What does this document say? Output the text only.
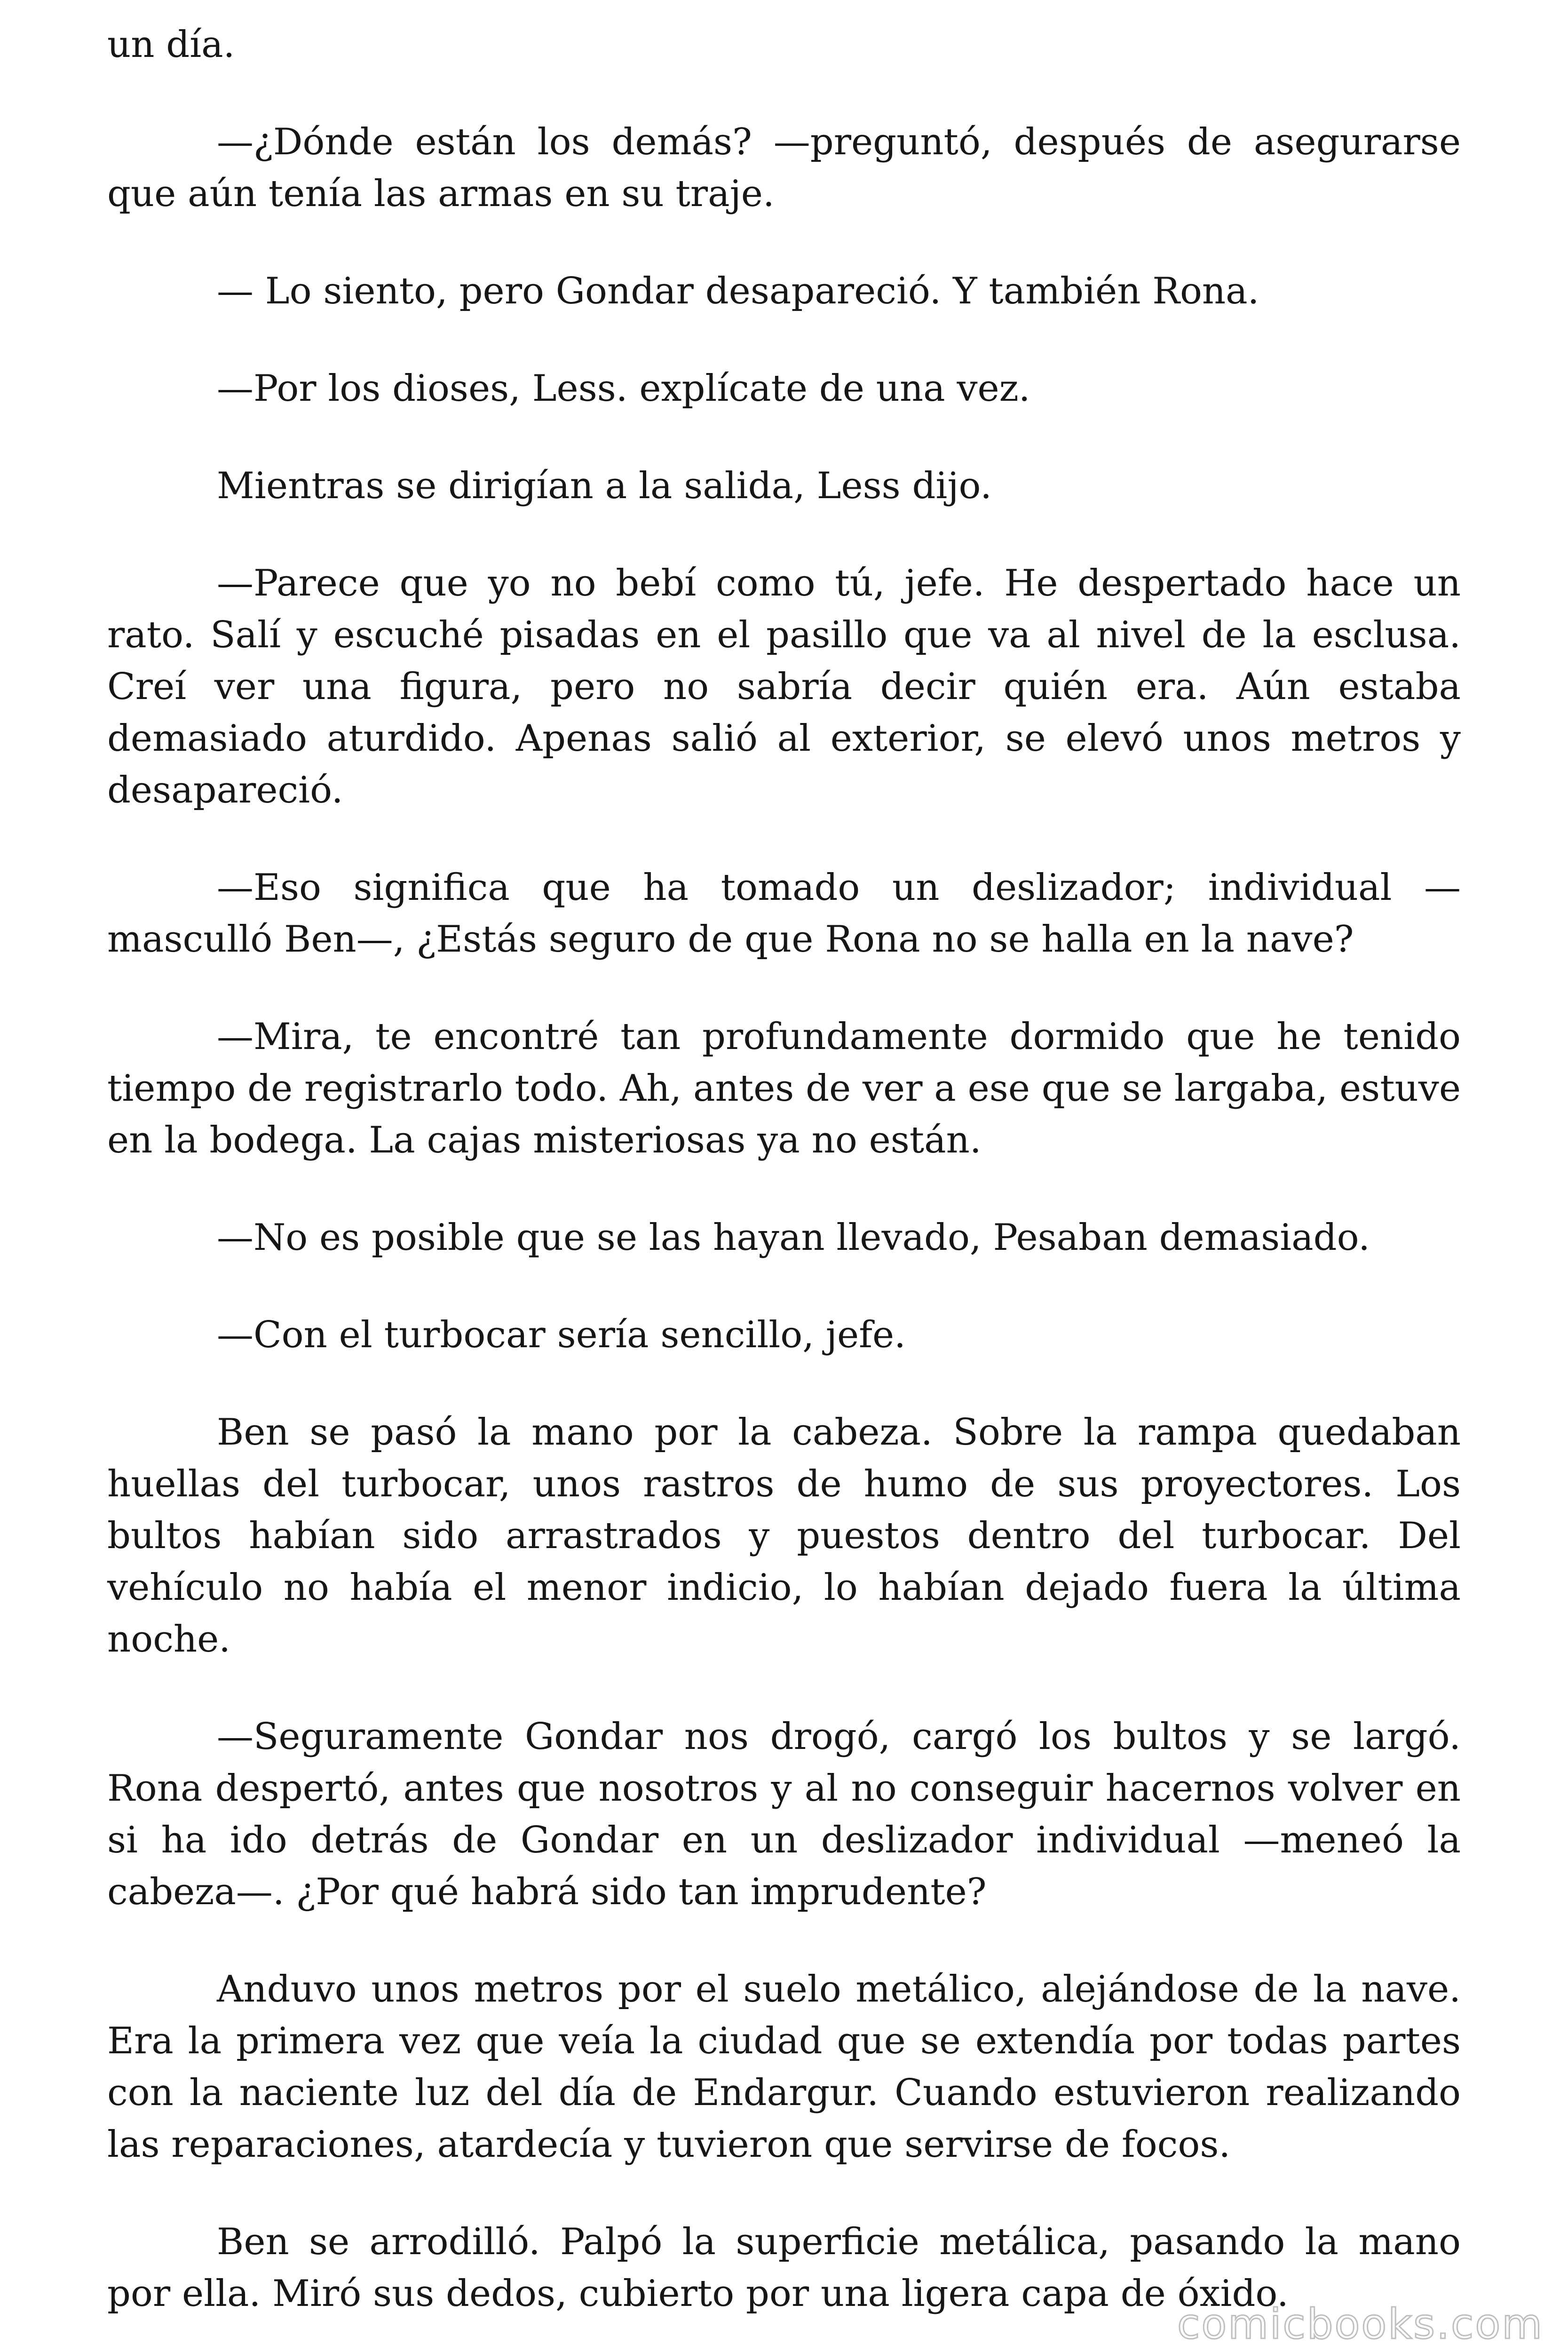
un día.

—¿Dónde están los demás? —preguntó, después de asegurarse que aún tenía las armas en su traje.

— Lo siento, pero Gondar desapareció. Y también Rona.

—Por los dioses, Less. explícate de una vez.

Mientras se dirigían a la salida, Less dijo.

—Parece que yo no bebí como tú, jefe. He despertado hace un rato. Salí y escuché pisadas en el pasillo que va al nivel de la esclusa. Creí ver una figura, pero no sabría decir quién era. Aún estaba demasiado aturdido. Apenas salió al exterior, se elevó unos metros y desapareció.

—Eso significa que ha tomado un deslizador; individual — masculló Ben—, ¿Estás seguro de que Rona no se halla en la nave?

—Mira, te encontré tan profundamente dormido que he tenido tiempo de registrarlo todo. Ah, antes de ver a ese que se largaba, estuve en la bodega. La cajas misteriosas ya no están.

—No es posible que se las hayan llevado, Pesaban demasiado.

—Con el turbocar sería sencillo, jefe.

Ben se pasó la mano por la cabeza. Sobre la rampa quedaban huellas del turbocar, unos rastros de humo de sus proyectores. Los bultos habían sido arrastrados y puestos dentro del turbocar. Del vehículo no había el menor indicio, lo habían dejado fuera la última noche.

—Seguramente Gondar nos drogó, cargó los bultos y se largó. Rona despertó, antes que nosotros y al no conseguir hacernos volver en si ha ido detrás de Gondar en un deslizador individual —meneó la cabeza—. ¿Por qué habrá sido tan imprudente?

Anduvo unos metros por el suelo metálico, alejándose de la nave. Era la primera vez que veía la ciudad que se extendía por todas partes con la naciente luz del día de Endargur. Cuando estuvieron realizando las reparaciones, atardecía y tuvieron que servirse de focos.

Ben se arrodilló. Palpó la superficie metálica, pasando la mano por ella. Miró sus dedos, cubierto por una ligera capa de óxido.

comicbooks.com
